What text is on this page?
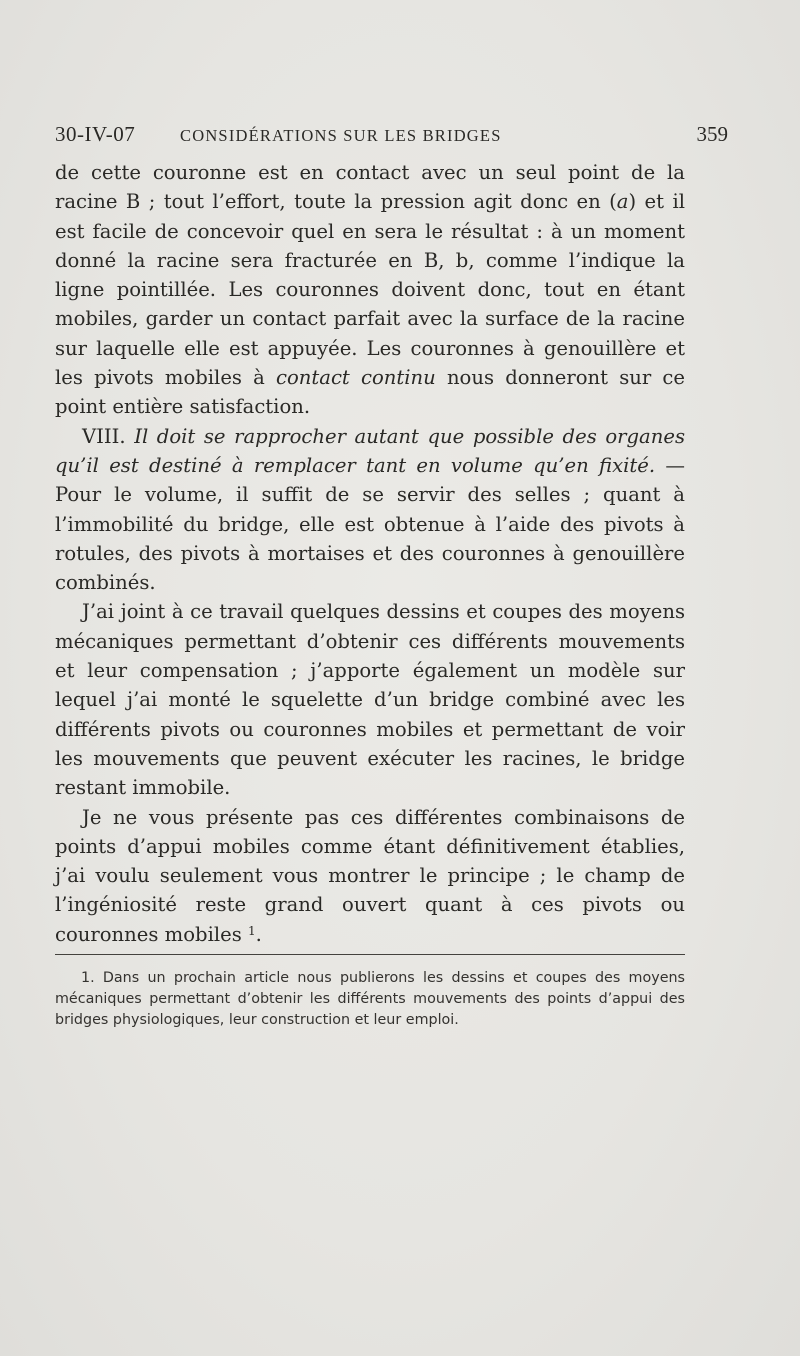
30-IV-07	CONSIDÉRATIONS SUR LES BRIDGES	359

de cette couronne est en contact avec un seul point de la racine B ; tout l’effort, toute la pression agit donc en (a) et il est facile de concevoir quel en sera le résultat : à un moment donné la racine sera fracturée en B, b, comme l’indique la ligne pointillée. Les couronnes doivent donc, tout en étant mobiles, garder un contact parfait avec la surface de la racine sur laquelle elle est appuyée. Les couronnes à genouillère et les pivots mobiles à contact continu nous donneront sur ce point entière satisfaction.

VIII. Il doit se rapprocher autant que possible des organes qu’il est destiné à remplacer tant en volume qu’en fixité. — Pour le volume, il suffit de se servir des selles ; quant à l’immobilité du bridge, elle est obtenue à l’aide des pivots à rotules, des pivots à mortaises et des couronnes à genouillère combinés.

J’ai joint à ce travail quelques dessins et coupes des moyens mécaniques permettant d’obtenir ces différents mouvements et leur compensation ; j’apporte également un modèle sur lequel j’ai monté le squelette d’un bridge combiné avec les différents pivots ou couronnes mobiles et permettant de voir les mouvements que peuvent exécuter les racines, le bridge restant immobile.

Je ne vous présente pas ces différentes combinaisons de points d’appui mobiles comme étant définitivement établies, j’ai voulu seulement vous montrer le principe ; le champ de l’ingéniosité reste grand ouvert quant à ces pivots ou couronnes mobiles $^1$.

1. Dans un prochain article nous publierons les dessins et coupes des moyens mécaniques permettant d’obtenir les différents mouvements des points d’appui des bridges physiologiques, leur construction et leur emploi.
